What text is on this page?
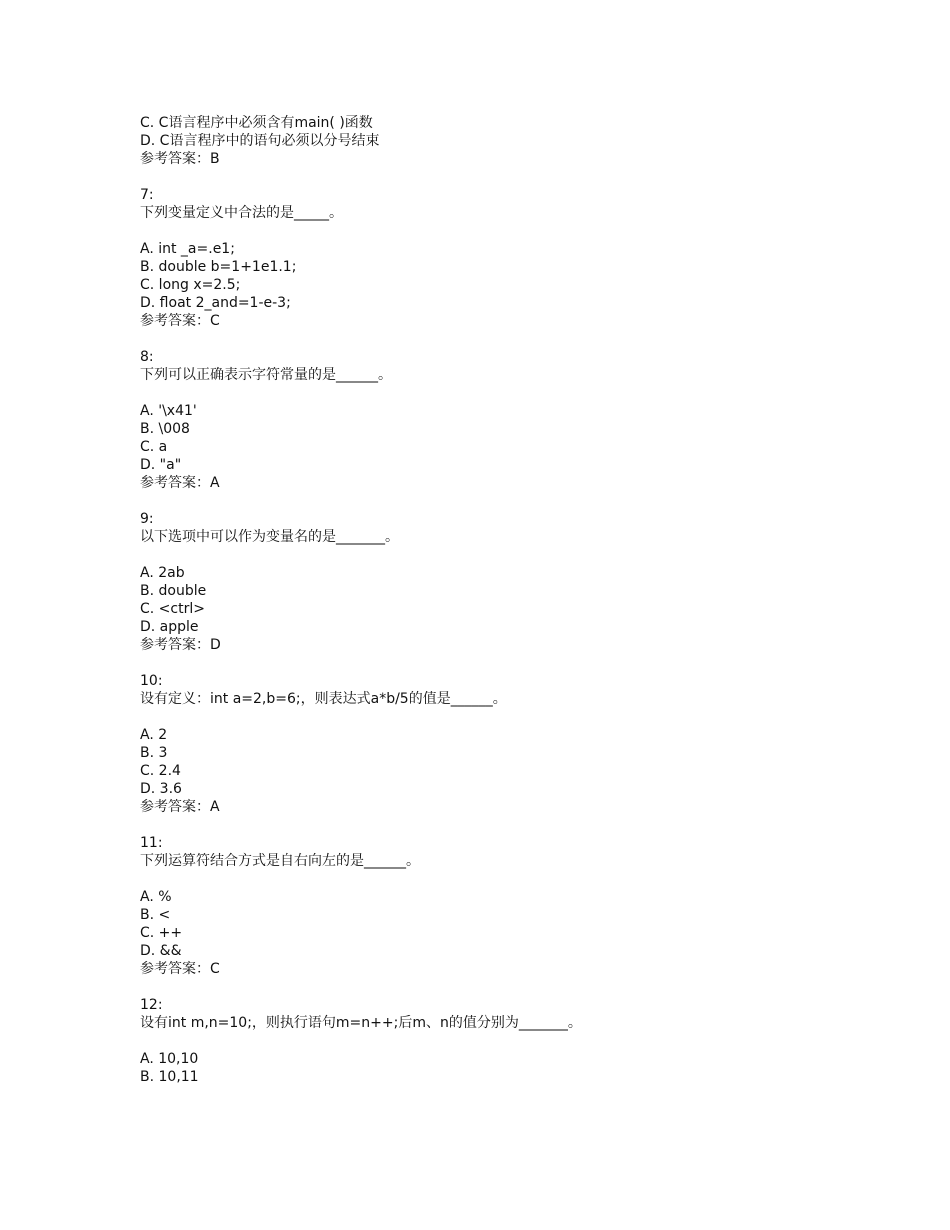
C. C语言程序中必须含有main( )函数
D. C语言程序中的语句必须以分号结束
参考答案：B
7:
下列变量定义中合法的是_____。
A. int _a=.e1;
B. double b=1+1e1.1;
C. long x=2.5;
D. float 2_and=1-e-3;
参考答案：C
8:
下列可以正确表示字符常量的是______。
A. '\x41'
B. \008
C. a
D. "a"
参考答案：A
9:
以下选项中可以作为变量名的是_______。
A. 2ab
B. double
C. <ctrl>
D. apple
参考答案：D
10:
设有定义：int a=2,b=6;，则表达式a*b/5的值是______。
A. 2
B. 3
C. 2.4
D. 3.6
参考答案：A
11:
下列运算符结合方式是自右向左的是______。
A. %
B. <
C. ++
D. &&
参考答案：C
12:
设有int m,n=10;，则执行语句m=n++;后m、n的值分别为_______。
A. 10,10
B. 10,11
